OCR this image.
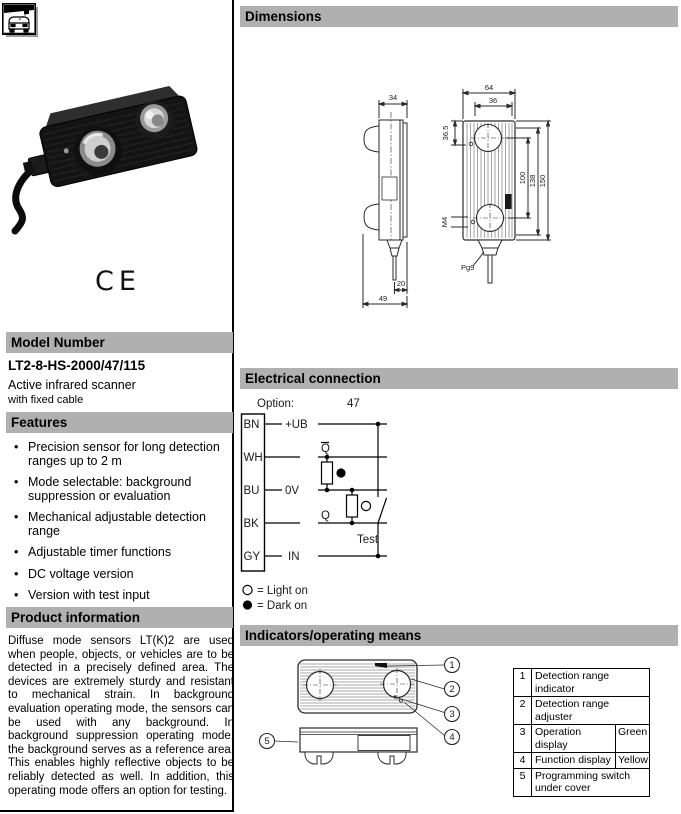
CE
Model Number
LT2-8-HS-2000/47/115
Active infrared scanner
with fixed cable
Features
• Precision sensor for long detection ranges up to 2 m
• Mode selectable: background suppression or evaluation
• Mechanical adjustable detection range
• Adjustable timer functions
• DC voltage version
• Version with test input
Product information
Diffuse mode sensors LT(K)2 are used when people, objects, or vehicles are to be detected in a precisely defined area. The devices are extremely sturdy and resistant to mechanical strain. In background evaluation operating mode, the sensors can be used with any background. In background suppression operating mode, the background serves as a reference area. This enables highly reflective objects to be reliably detected as well. In addition, this operating mode offers an option for testing.
Dimensions
34
20
49
64
36
36.5
100 138 150
M4
Pg9
Electrical connection
Option:	47
BN
WH
BU
BK
GY
+UB
0V
IN
Q
Q
Test
= Light on
= Dark on
Indicators/operating means
1
2
3
4
5
1	Detection range indicator	
2	Detection range adjuster	
3	Operation display	Green
4	Function display	Yellow
5	Programming switch under cover	
